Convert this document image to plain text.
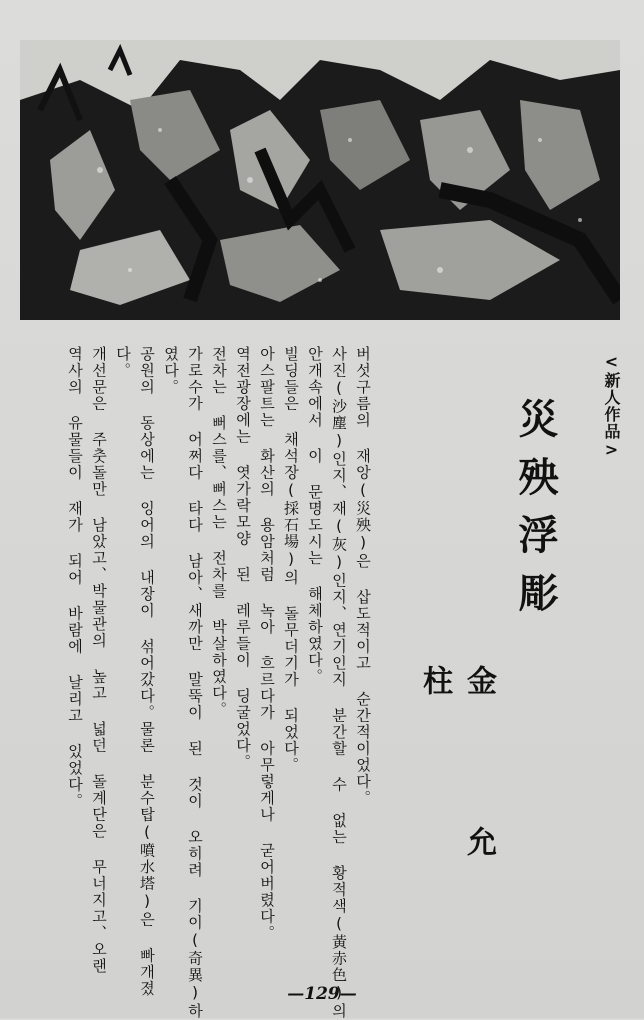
<新人作品>
災殃浮彫
金 允 柱
버섯구름의 재앙(災殃)은 삽도적이고 순간적이었다。
사진(沙塵)인지、재(灰)인지、연기인지 분간할 수 없는 황적색(黃赤色)의
안개속에서 이 문명도시는 해체하였다。
빌딩들은 채석장(採石場)의 돌무더기가 되었다。
아스팔트는 화산의 용암처럼 녹아 흐르다가 아무렇게나 굳어버렸다。
역전광장에는 엿가락모양 된 레루들이 딩굴었다。
전차는 뻐스를、뻐스는 전차를 박살하였다。
가로수가 어쩌다 타다 남아、새까만 말뚝이 된 것이 오히려 기이(奇異)하
였다。
공원의 동상에는 잉어의 내장이 섞어갔다。물론 분수탑(噴水塔)은 빠개졌
다。
개선문은 주춧돌만 남았고、박물관의 높고 넓던 돌계단은 무너지고、오랜
역사의 유물들이 재가 되어 바람에 날리고 있었다。
—129—
